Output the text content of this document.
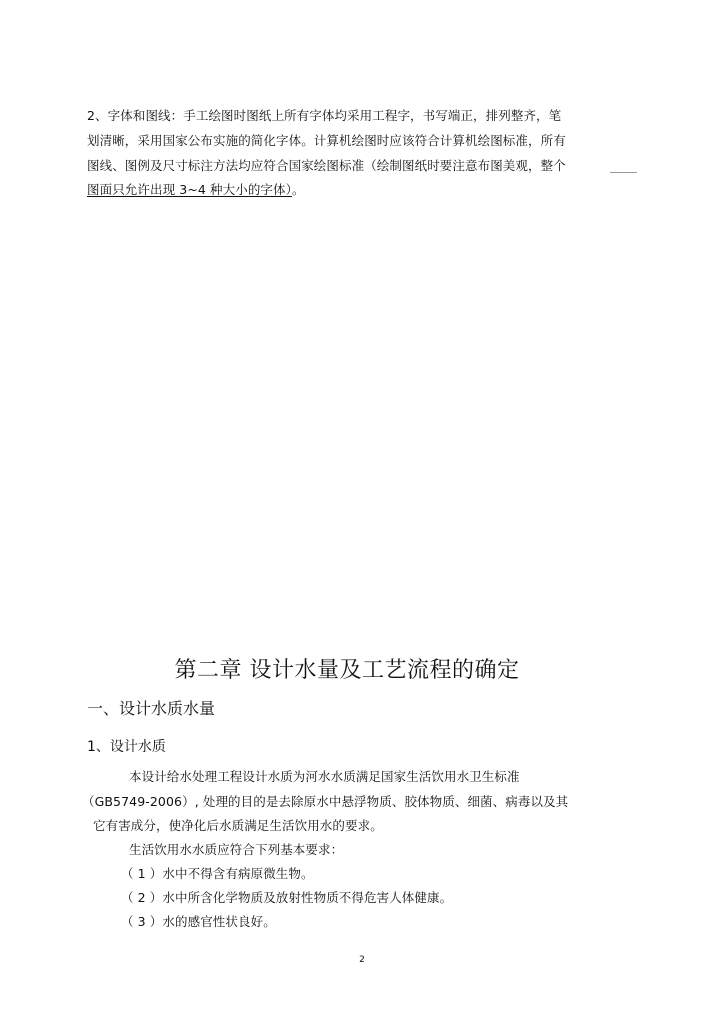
2、字体和图线：手工绘图时图纸上所有字体均采用工程字，书写端正，排列整齐，笔
划清晰，采用国家公布实施的简化字体。计算机绘图时应该符合计算机绘图标准，所有
图线、图例及尺寸标注方法均应符合国家绘图标准（绘制图纸时要注意布图美观，整个
图面只允许出现 3~4 种大小的字体）。
第二章 设计水量及工艺流程的确定
一、设计水质水量
1、设计水质
本设计给水处理工程设计水质为河水水质满足国家生活饮用水卫生标准
（GB5749-2006）, 处理的目的是去除原水中悬浮物质、胶体物质、细菌、病毒以及其
它有害成分，使净化后水质满足生活饮用水的要求。
生活饮用水水质应符合下列基本要求：
（ 1 ）水中不得含有病原微生物。
（ 2 ）水中所含化学物质及放射性物质不得危害人体健康。
（ 3 ）水的感官性状良好。
2
